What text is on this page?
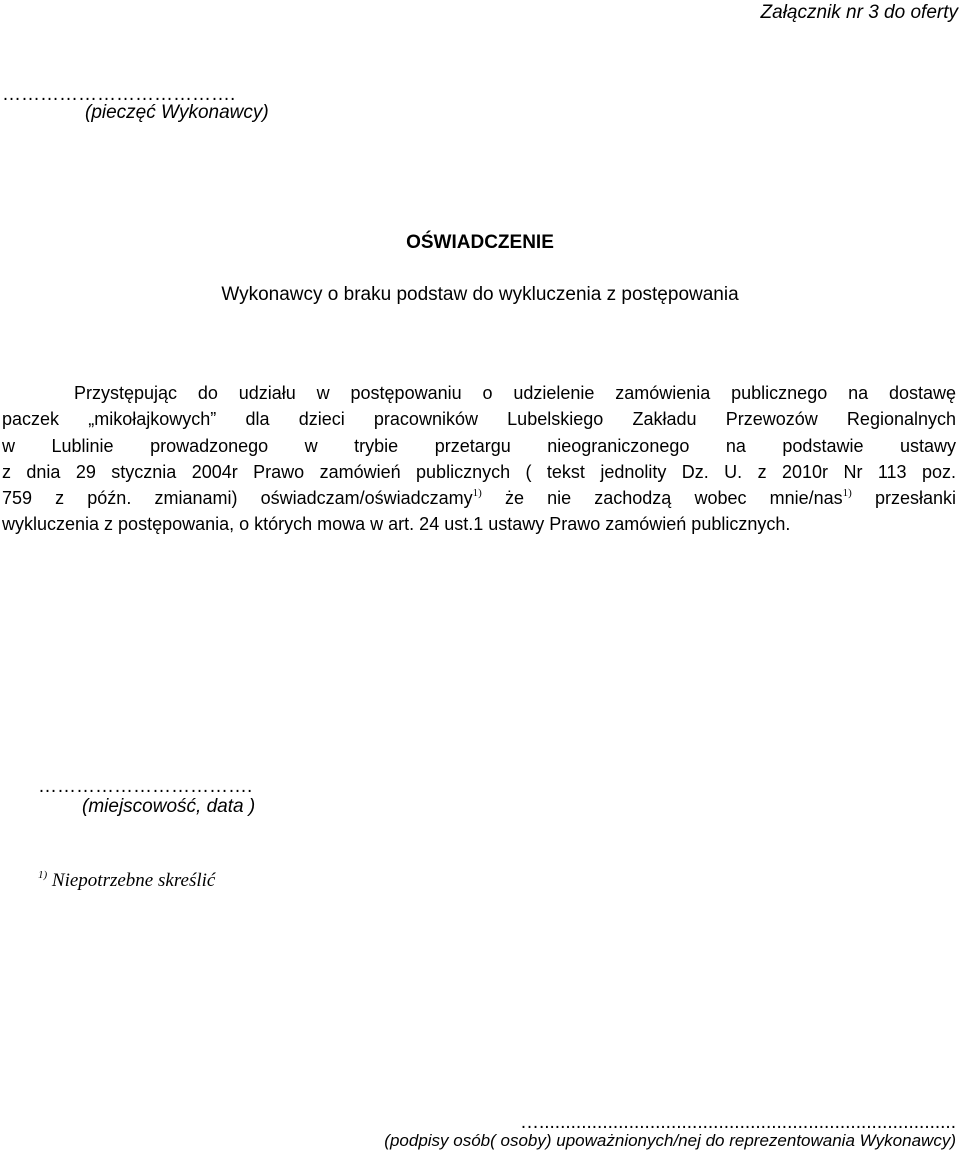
Załącznik nr 3 do oferty
……………………………….
(pieczęć Wykonawcy)
OŚWIADCZENIE
Wykonawcy o braku podstaw do wykluczenia z postępowania
Przystępując do udziału w postępowaniu o udzielenie zamówienia publicznego na dostawę
paczek „mikołajkowych” dla dzieci pracowników Lubelskiego Zakładu Przewozów Regionalnych
w Lublinie prowadzonego w trybie przetargu nieograniczonego na podstawie ustawy
z dnia 29 stycznia 2004r Prawo zamówień publicznych ( tekst jednolity Dz. U. z 2010r Nr 113 poz.
759 z późn. zmianami) oświadczam/oświadczamy$^{1)}$ że nie zachodzą wobec mnie/nas$^{1)}$ przesłanki
wykluczenia z postępowania, o których mowa w art. 24 ust.1 ustawy Prawo zamówień publicznych.
…………………………….
(miejscowość, data )
$^{1)}$ Niepotrzebne skreślić
…...............................................................................
(podpisy osób( osoby) upoważnionych/nej do reprezentowania Wykonawcy)
